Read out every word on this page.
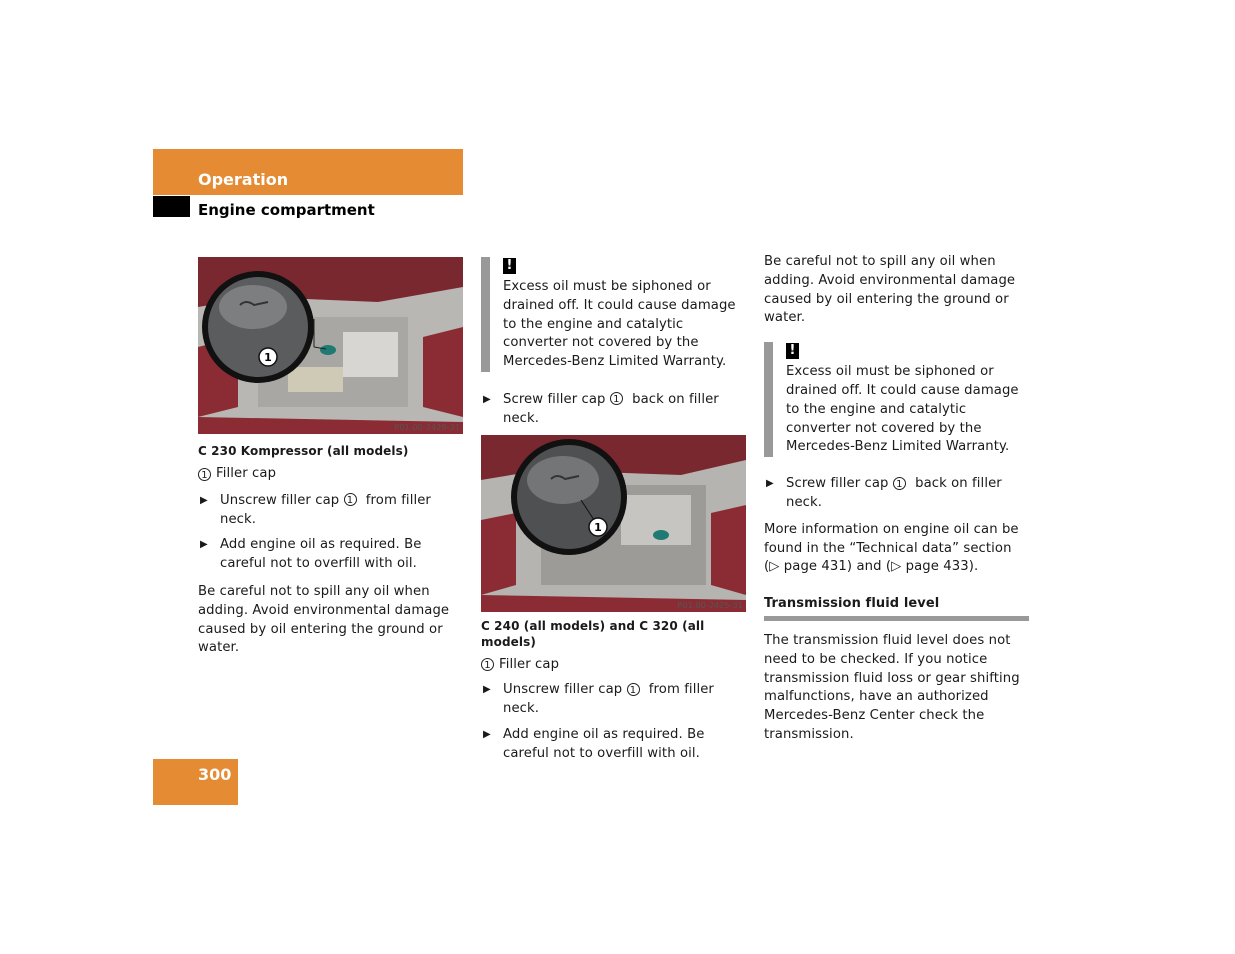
Operation
Engine compartment
1
P01.00-2429-31

C 230 Kompressor (all models)

1 Filler cap

▶ Unscrew filler cap 1 from filler neck.

▶ Add engine oil as required. Be careful not to overfill with oil.

Be careful not to spill any oil when adding. Avoid environmental damage caused by oil entering the ground or water.

!

Excess oil must be siphoned or drained off. It could cause damage to the engine and catalytic converter not covered by the Mercedes-Benz Limited Warranty.

▶ Screw filler cap 1 back on filler neck.

1
P01.00-2425-31

C 240 (all models) and C 320 (all models)

1 Filler cap

▶ Unscrew filler cap 1 from filler neck.

▶ Add engine oil as required. Be careful not to overfill with oil.

Be careful not to spill any oil when adding. Avoid environmental damage caused by oil entering the ground or water.

!

Excess oil must be siphoned or drained off. It could cause damage to the engine and catalytic converter not covered by the Mercedes-Benz Limited Warranty.

▶ Screw filler cap 1 back on filler neck.

More information on engine oil can be found in the “Technical data” section
(▷ page 431) and (▷ page 433).

Transmission fluid level

The transmission fluid level does not need to be checked. If you notice transmission fluid loss or gear shifting malfunctions, have an authorized Mercedes-Benz Center check the transmission.

300
